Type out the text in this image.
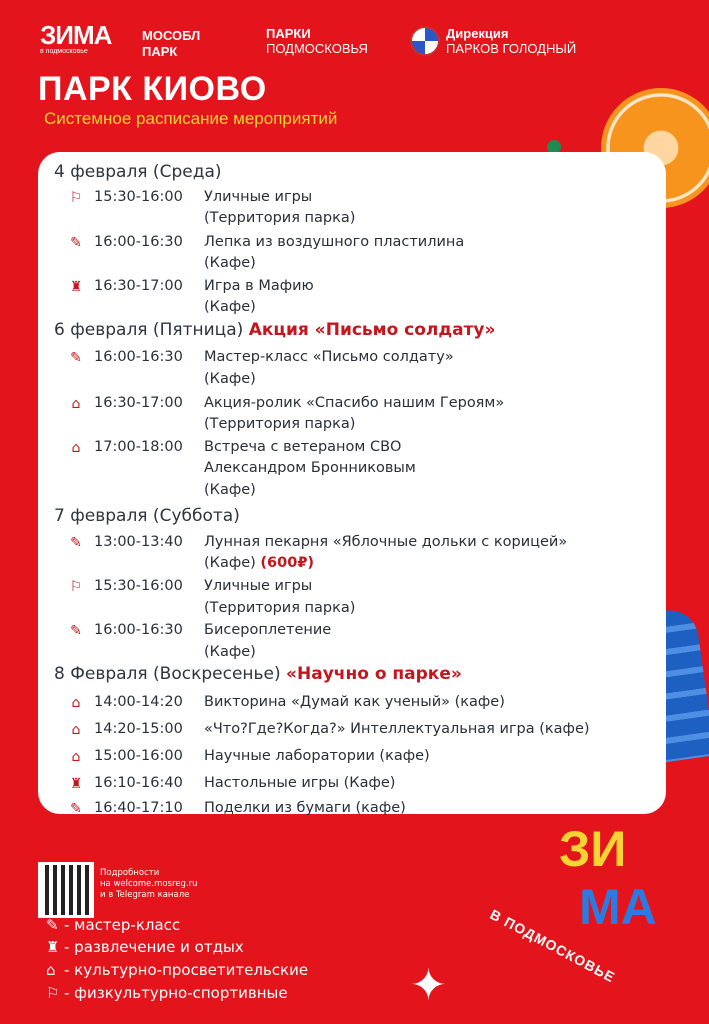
ЗИМА
в подмосковье
МОСОБЛ
ПАРК
ПАРКИ
ПОДМОСКОВЬЯ
Дирекция
ПАРКОВ ГОЛОДНЫЙ
ПАРК КИОВО
Системное расписание мероприятий
✦
4 февраля (Среда)
⚐ 15:30-16:00 Уличные игры
(Территория парка)
✎ 16:00-16:30 Лепка из воздушного пластилина
(Кафе)
♜ 16:30-17:00 Игра в Мафию
(Кафе)
6 февраля (Пятница) Акция «Письмо солдату»
✎ 16:00-16:30 Мастер-класс «Письмо солдату»
(Кафе)
⌂ 16:30-17:00 Акция-ролик «Спасибо нашим Героям»
(Территория парка)
⌂ 17:00-18:00 Встреча с ветераном СВО
Александром Бронниковым
(Кафе)
7 февраля (Суббота)
✎ 13:00-13:40 Лунная пекарня «Яблочные дольки с корицей»
(Кафе) (600₽)
⚐ 15:30-16:00 Уличные игры
(Территория парка)
✎ 16:00-16:30 Бисероплетение
(Кафе)
8 Февраля (Воскресенье) «Научно о парке»
⌂ 14:00-14:20 Викторина «Думай как ученый» (кафе)
⌂ 14:20-15:00 «Что?Где?Когда?» Интеллектуальная игра (кафе)
⌂ 15:00-16:00 Научные лаборатории (кафе)
♜ 16:10-16:40 Настольные игры (Кафе)
✎ 16:40-17:10 Поделки из бумаги (кафе)
Подробности
на welcome.mosreg.ru
и в Telegram канале
✎ - мастер-класс
♜ - развлечение и отдых
⌂ - культурно-просветительские
⚐ - физкультурно-спортивные
ЗИ
МА
В ПОДМОСКОВЬЕ
